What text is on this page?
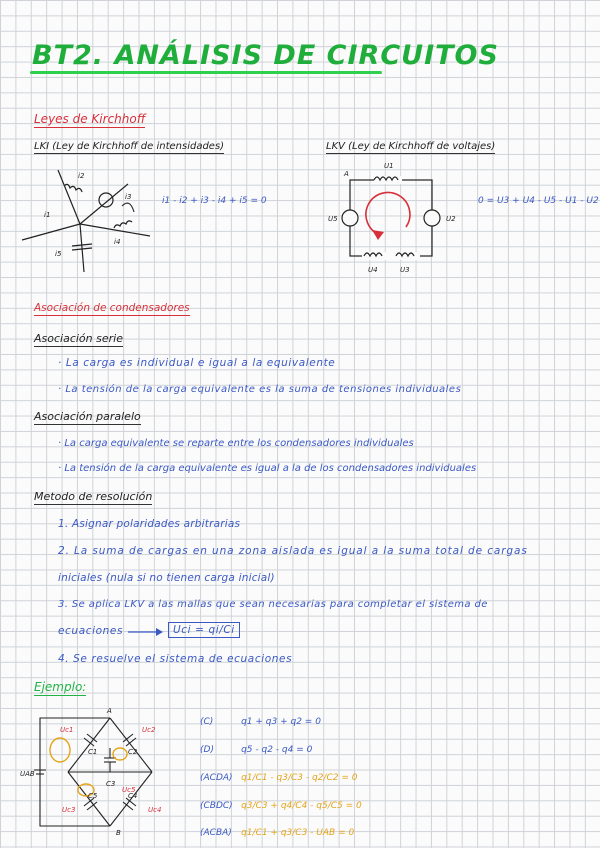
BT2. ANÁLISIS DE CIRCUITOS
Leyes de Kirchhoff
LKI (Ley de Kirchhoff de intensidades)	LKV (Ley de Kirchhoff de voltajes)
i2
i3
i1
i4
i5
i1 - i2 + i3 - i4 + i5 = 0
A
U1
U5	U2
U4	U3
0 = U3 + U4 - U5 - U1 - U2
Asociación de condensadores
Asociación serie
· La carga es individual e igual a la equivalente
· La tensión de la carga equivalente es la suma de tensiones individuales
Asociación paralelo
· La carga equivalente se reparte entre los condensadores individuales
· La tensión de la carga equivalente es igual a la de los condensadores individuales
Metodo de resolución
1. Asignar polaridades arbitrarias
2. La suma de cargas en una zona aislada es igual a la suma total de cargas
iniciales (nula si no tienen carga inicial)
3. Se aplica LKV a las mallas que sean necesarias para completar el sistema de
ecuaciones	Uci = qi/Ci
4. Se resuelve el sistema de ecuaciones
Ejemplo:
A
B
C1	C2
C3
C4
C5
UAB
Uc1	Uc2
Uc3	Uc4
Uc5
(C)	q1 + q3 + q2 = 0
(D)	q5 - q2 - q4 = 0
(ACDA) q1/C1 - q3/C3 - q2/C2 = 0
(CBDC) q3/C3 + q4/C4 - q5/C5 = 0
(ACBA) q1/C1 + q3/C3 - UAB = 0
